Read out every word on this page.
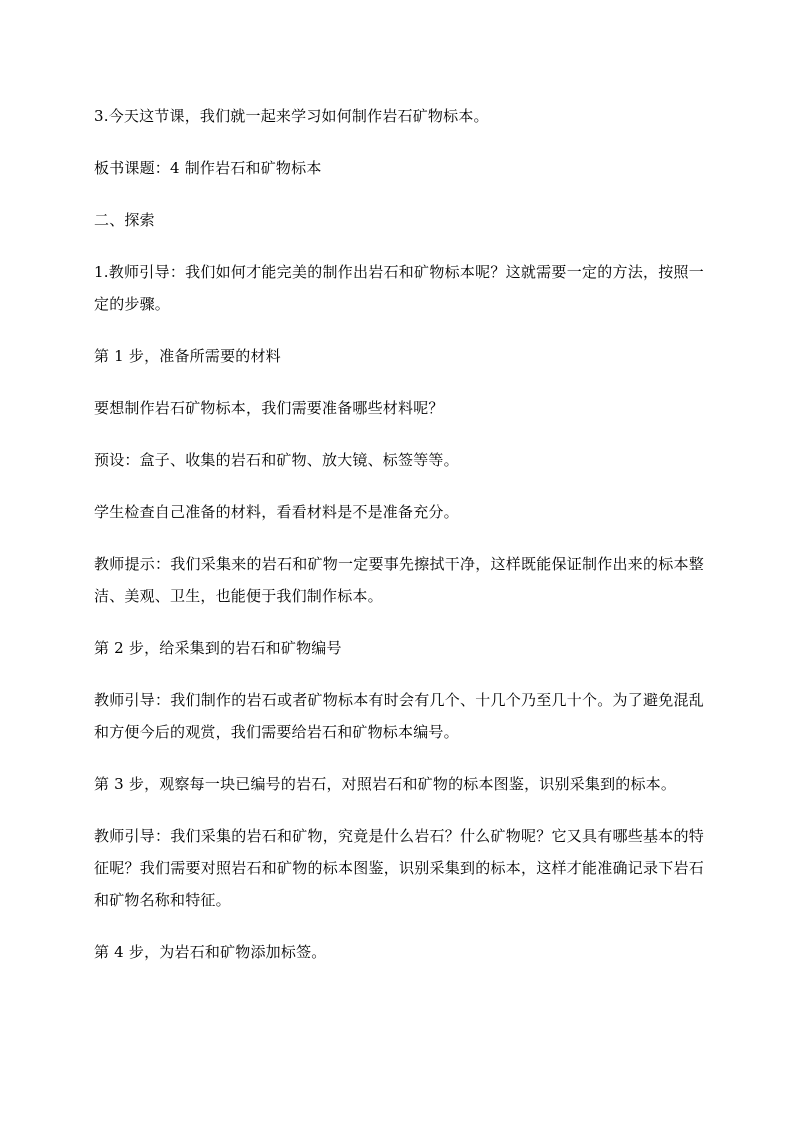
3.今天这节课，我们就一起来学习如何制作岩石矿物标本。

板书课题：4 制作岩石和矿物标本

二、探索

1.教师引导：我们如何才能完美的制作出岩石和矿物标本呢？这就需要一定的方法，按照一定的步骤。

第 1 步，准备所需要的材料

要想制作岩石矿物标本，我们需要准备哪些材料呢？

预设：盒子、收集的岩石和矿物、放大镜、标签等等。

学生检查自己准备的材料，看看材料是不是准备充分。

教师提示：我们采集来的岩石和矿物一定要事先擦拭干净，这样既能保证制作出来的标本整洁、美观、卫生，也能便于我们制作标本。

第 2 步，给采集到的岩石和矿物编号

教师引导：我们制作的岩石或者矿物标本有时会有几个、十几个乃至几十个。为了避免混乱和方便今后的观赏，我们需要给岩石和矿物标本编号。

第 3 步，观察每一块已编号的岩石，对照岩石和矿物的标本图鉴，识别采集到的标本。

教师引导：我们采集的岩石和矿物，究竟是什么岩石？什么矿物呢？它又具有哪些基本的特征呢？我们需要对照岩石和矿物的标本图鉴，识别采集到的标本，这样才能准确记录下岩石和矿物名称和特征。

第 4 步，为岩石和矿物添加标签。
